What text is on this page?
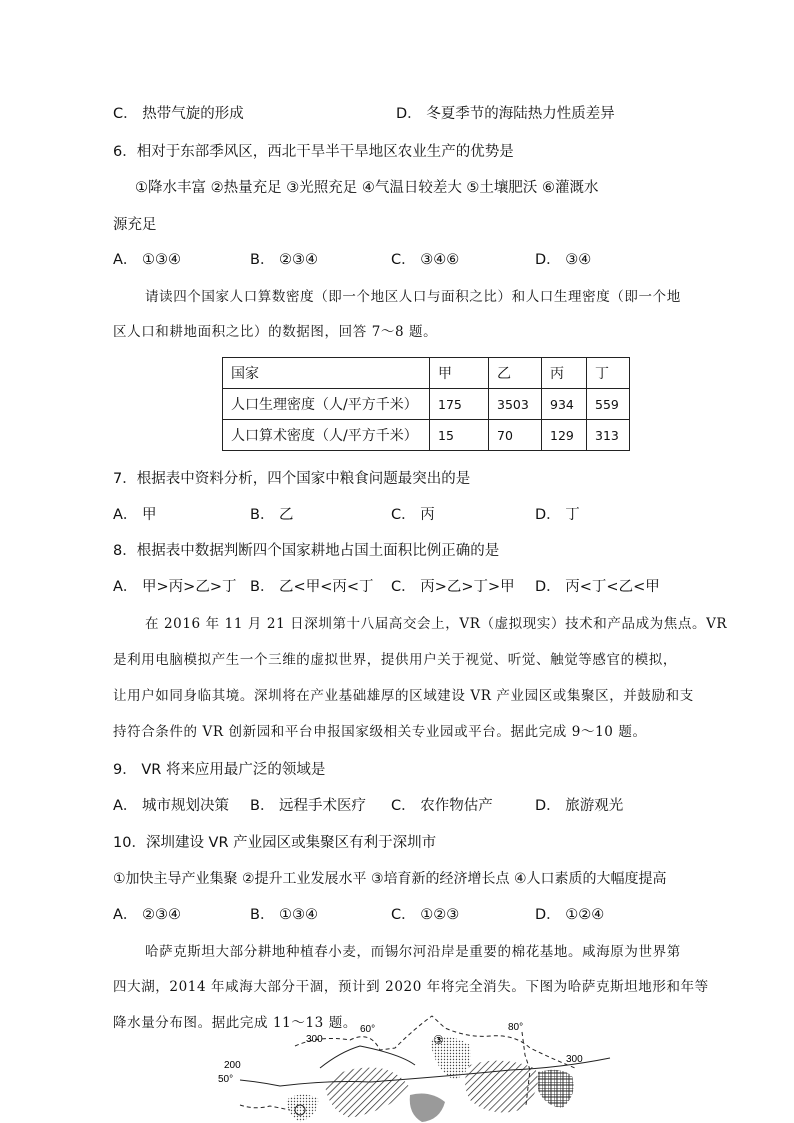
C． 热带气旋的形成	D． 冬夏季节的海陆热力性质差异
6．相对于东部季风区，西北干旱半干旱地区农业生产的优势是
①降水丰富 ②热量充足 ③光照充足 ④气温日较差大 ⑤土壤肥沃 ⑥灌溉水
源充足
A． ①③④	B． ②③④	C． ③④⑥	D． ③④
请读四个国家人口算数密度（即一个地区人口与面积之比）和人口生理密度（即一个地
区人口和耕地面积之比）的数据图，回答 7～8 题。
国家	甲	乙	丙	丁
人口生理密度（人/平方千米）	175	3503	934	559
人口算术密度（人/平方千米）	15	70	129	313
7．根据表中资料分析，四个国家中粮食问题最突出的是
A． 甲	B． 乙	C． 丙	D． 丁
8．根据表中数据判断四个国家耕地占国土面积比例正确的是
A． 甲>丙>乙>丁 B． 乙<甲<丙<丁 C． 丙>乙>丁>甲 D． 丙<丁<乙<甲
在 2016 年 11 月 21 日深圳第十八届高交会上，VR（虚拟现实）技术和产品成为焦点。VR
是利用电脑模拟产生一个三维的虚拟世界，提供用户关于视觉、听觉、触觉等感官的模拟，
让用户如同身临其境。深圳将在产业基础雄厚的区域建设 VR 产业园区或集聚区，并鼓励和支
持符合条件的 VR 创新园和平台申报国家级相关专业园或平台。据此完成 9～10 题。
9． VR 将来应用最广泛的领域是
A． 城市规划决策 B． 远程手术医疗 C． 农作物估产	D． 旅游观光
10．深圳建设 VR 产业园区或集聚区有利于深圳市
①加快主导产业集聚 ②提升工业发展水平 ③培育新的经济增长点 ④人口素质的大幅度提高
A． ②③④	B． ①③④	C． ①②③	D． ①②④
哈萨克斯坦大部分耕地种植春小麦，而锡尔河沿岸是重要的棉花基地。咸海原为世界第
四大湖，2014 年咸海大部分干涸，预计到 2020 年将完全消失。下图为哈萨克斯坦地形和年等
降水量分布图。据此完成 11～13 题。
300
60°
200
50°
③
80°
300
